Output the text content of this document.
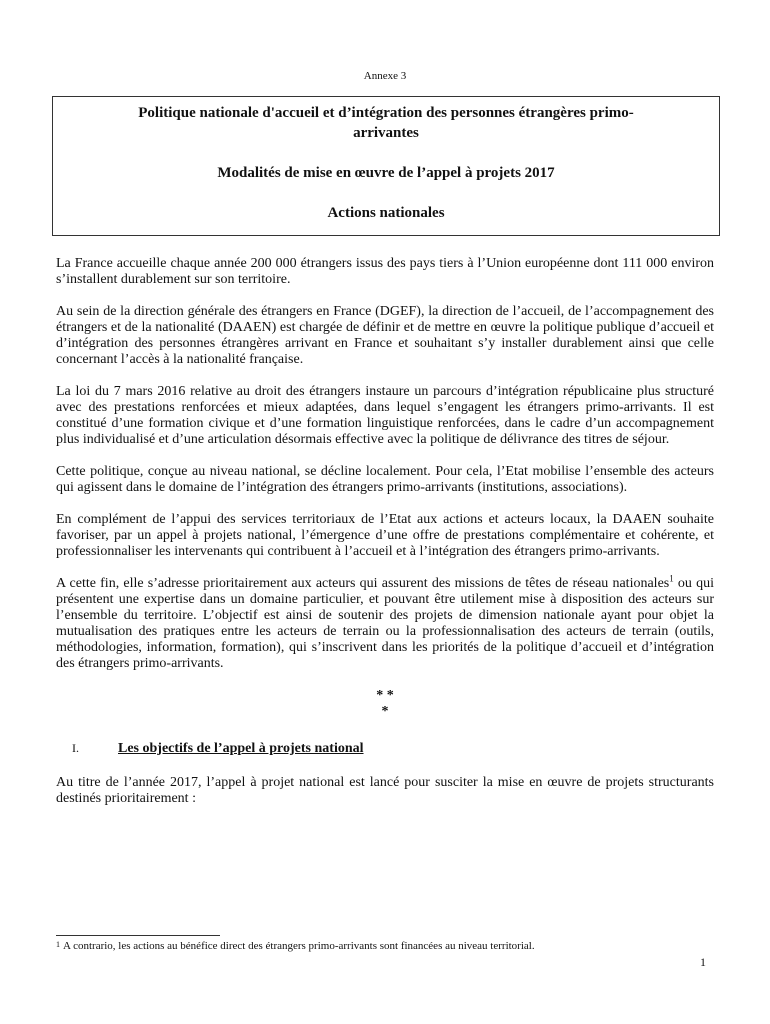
Annexe 3
Politique nationale d'accueil et d’intégration des personnes étrangères primo-arrivantes
Modalités de mise en œuvre de l’appel à projets 2017
Actions nationales

La France accueille chaque année 200 000 étrangers issus des pays tiers à l’Union européenne dont 111 000 environ s’installent durablement sur son territoire.

Au sein de la direction générale des étrangers en France (DGEF), la direction de l’accueil, de l’accompagnement des étrangers et de la nationalité (DAAEN) est chargée de définir et de mettre en œuvre la politique publique d’accueil et d’intégration des personnes étrangères arrivant en France et souhaitant s’y installer durablement ainsi que celle concernant l’accès à la nationalité française.

La loi du 7 mars 2016 relative au droit des étrangers instaure un parcours d’intégration républicaine plus structuré avec des prestations renforcées et mieux adaptées, dans lequel s’engagent les étrangers primo-arrivants. Il est constitué d’une formation civique et d’une formation linguistique renforcées, dans le cadre d’un accompagnement plus individualisé et d’une articulation désormais effective avec la politique de délivrance des titres de séjour.

Cette politique, conçue au niveau national, se décline localement. Pour cela, l’Etat mobilise l’ensemble des acteurs qui agissent dans le domaine de l’intégration des étrangers primo-arrivants (institutions, associations).

En complément de l’appui des services territoriaux de l’Etat aux actions et acteurs locaux, la DAAEN souhaite favoriser, par un appel à projets national, l’émergence d’une offre de prestations complémentaire et cohérente, et professionnaliser les intervenants qui contribuent à l’accueil et à l’intégration des étrangers primo-arrivants.

A cette fin, elle s’adresse prioritairement aux acteurs qui assurent des missions de têtes de réseau nationales$^1$ ou qui présentent une expertise dans un domaine particulier, et pouvant être utilement mise à disposition des acteurs sur l’ensemble du territoire. L’objectif est ainsi de soutenir des projets de dimension nationale ayant pour objet la mutualisation des pratiques entre les acteurs de terrain ou la professionnalisation des acteurs de terrain (outils, méthodologies, information, formation), qui s’inscrivent dans les priorités de la politique d’accueil et d’intégration des étrangers primo-arrivants.

* *
*
I.	Les objectifs de l’appel à projets national

Au titre de l’année 2017, l’appel à projet national est lancé pour susciter la mise en œuvre de projets structurants destinés prioritairement :

$^1$ A contrario, les actions au bénéfice direct des étrangers primo-arrivants sont financées au niveau territorial.
1
